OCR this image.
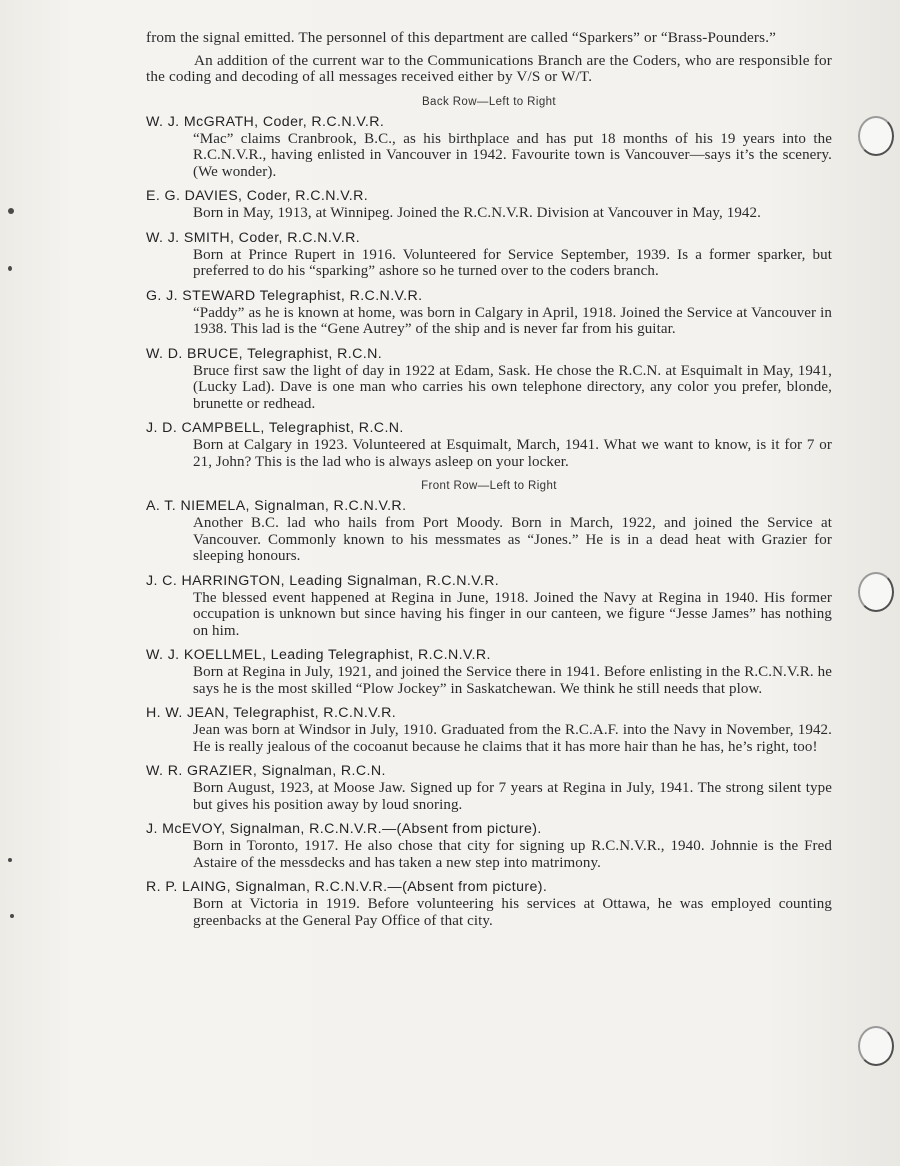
from the signal emitted. The personnel of this department are called “Sparkers” or “Brass-Pounders.”

An addition of the current war to the Communications Branch are the Coders, who are responsible for the coding and decoding of all messages received either by V/S or W/T.

Back Row—Left to Right
W. J. McGRATH, Coder, R.C.N.V.R.
“Mac” claims Cranbrook, B.C., as his birthplace and has put 18 months of his 19 years into the R.C.N.V.R., having enlisted in Vancouver in 1942. Favourite town is Vancouver—says it’s the scenery. (We wonder).
E. G. DAVIES, Coder, R.C.N.V.R.
Born in May, 1913, at Winnipeg. Joined the R.C.N.V.R. Division at Vancouver in May, 1942.
W. J. SMITH, Coder, R.C.N.V.R.
Born at Prince Rupert in 1916. Volunteered for Service September, 1939. Is a former sparker, but preferred to do his “sparking” ashore so he turned over to the coders branch.
G. J. STEWARD Telegraphist, R.C.N.V.R.
“Paddy” as he is known at home, was born in Calgary in April, 1918. Joined the Service at Vancouver in 1938. This lad is the “Gene Autrey” of the ship and is never far from his guitar.
W. D. BRUCE, Telegraphist, R.C.N.
Bruce first saw the light of day in 1922 at Edam, Sask. He chose the R.C.N. at Esquimalt in May, 1941, (Lucky Lad). Dave is one man who carries his own telephone directory, any color you prefer, blonde, brunette or redhead.
J. D. CAMPBELL, Telegraphist, R.C.N.
Born at Calgary in 1923. Volunteered at Esquimalt, March, 1941. What we want to know, is it for 7 or 21, John? This is the lad who is always asleep on your locker.
Front Row—Left to Right
A. T. NIEMELA, Signalman, R.C.N.V.R.
Another B.C. lad who hails from Port Moody. Born in March, 1922, and joined the Service at Vancouver. Commonly known to his messmates as “Jones.” He is in a dead heat with Grazier for sleeping honours.
J. C. HARRINGTON, Leading Signalman, R.C.N.V.R.
The blessed event happened at Regina in June, 1918. Joined the Navy at Regina in 1940. His former occupation is unknown but since having his finger in our canteen, we figure “Jesse James” has nothing on him.
W. J. KOELLMEL, Leading Telegraphist, R.C.N.V.R.
Born at Regina in July, 1921, and joined the Service there in 1941. Before enlisting in the R.C.N.V.R. he says he is the most skilled “Plow Jockey” in Saskatchewan. We think he still needs that plow.
H. W. JEAN, Telegraphist, R.C.N.V.R.
Jean was born at Windsor in July, 1910. Graduated from the R.C.A.F. into the Navy in November, 1942. He is really jealous of the cocoanut because he claims that it has more hair than he has, he’s right, too!
W. R. GRAZIER, Signalman, R.C.N.
Born August, 1923, at Moose Jaw. Signed up for 7 years at Regina in July, 1941. The strong silent type but gives his position away by loud snoring.
J. McEVOY, Signalman, R.C.N.V.R.—(Absent from picture).
Born in Toronto, 1917. He also chose that city for signing up R.C.N.V.R., 1940. Johnnie is the Fred Astaire of the messdecks and has taken a new step into matrimony.
R. P. LAING, Signalman, R.C.N.V.R.—(Absent from picture).
Born at Victoria in 1919. Before volunteering his services at Ottawa, he was employed counting greenbacks at the General Pay Office of that city.
